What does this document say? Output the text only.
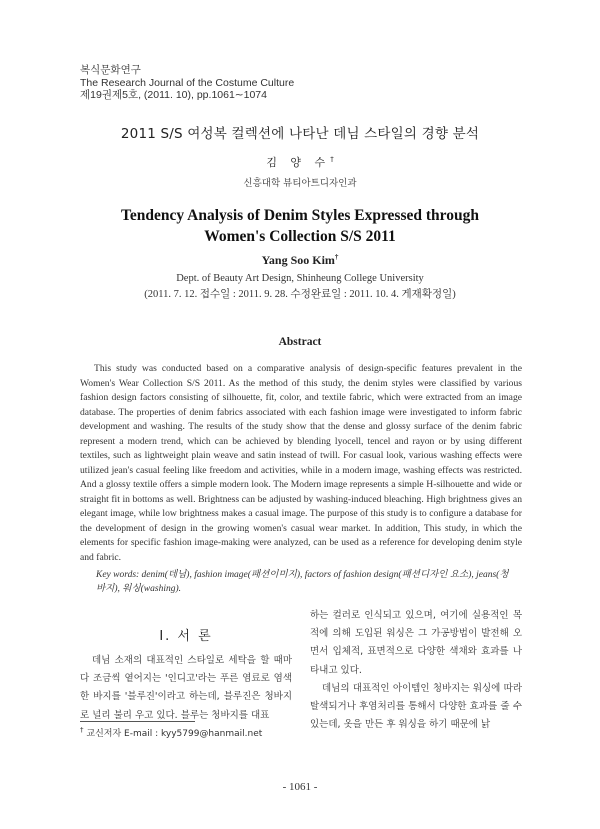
복식문화연구
The Research Journal of the Costume Culture
제19권제5호, (2011. 10), pp.1061∼1074
2011 S/S 여성복 컬렉션에 나타난 데님 스타일의 경향 분석
김 양 수†
신흥대학 뷰티아트디자인과
Tendency Analysis of Denim Styles Expressed through
Women's Collection S/S 2011
Yang Soo Kim†
Dept. of Beauty Art Design, Shinheung College University
(2011. 7. 12. 접수일 : 2011. 9. 28. 수정완료일 : 2011. 10. 4. 게재확정일)
Abstract

This study was conducted based on a comparative analysis of design-specific features prevalent in the Women's Wear Collection S/S 2011. As the method of this study, the denim styles were classified by various fashion design factors consisting of silhouette, fit, color, and textile fabric, which were extracted from an image database. The properties of denim fabrics associated with each fashion image were investigated to inform fabric development and washing. The results of the study show that the dense and glossy surface of the denim fabric represent a modern trend, which can be achieved by blending lyocell, tencel and rayon or by using different textiles, such as lightweight plain weave and satin instead of twill. For casual look, various washing effects were utilized jean's casual feeling like freedom and activities, while in a modern image, washing effects was restricted. And a glossy textile offers a simple modern look. The Modern image represents a simple H-silhouette and wide or straight fit in bottoms as well. Brightness can be adjusted by washing-induced bleaching. High brightness gives an elegant image, while low brightness makes a casual image. The purpose of this study is to configure a database for the development of design in the growing women's casual wear market. In addition, This study, in which the elements for specific fashion image-making were analyzed, can be used as a reference for developing denim style and fabric.

Key words: denim(데님), fashion image(패션이미지), factors of fashion design(패션디자인 요소), jeans(청바지), 워싱(washing).
Ⅰ. 서 론

데님 소재의 대표적인 스타일로 세탁을 할 때마다 조금씩 옅어지는 '인디고'라는 푸른 염료로 염색한 바지를 '블루진'이라고 하는데, 블루진은 청바지로 널리 불리 우고 있다. 블루는 청바지를 대표

하는 컬러로 인식되고 있으며, 여기에 실용적인 목적에 의해 도입된 워싱은 그 가공방법이 발전해 오면서 입체적, 표면적으로 다양한 색채와 효과를 나타내고 있다.

데님의 대표적인 아이템인 청바지는 워싱에 따라 탈색되거나 후염처리를 통해서 다양한 효과를 줄 수 있는데, 옷을 만든 후 워싱을 하기 때문에 낡

† 교신저자 E-mail : kyy5799@hanmail.net
- 1061 -
